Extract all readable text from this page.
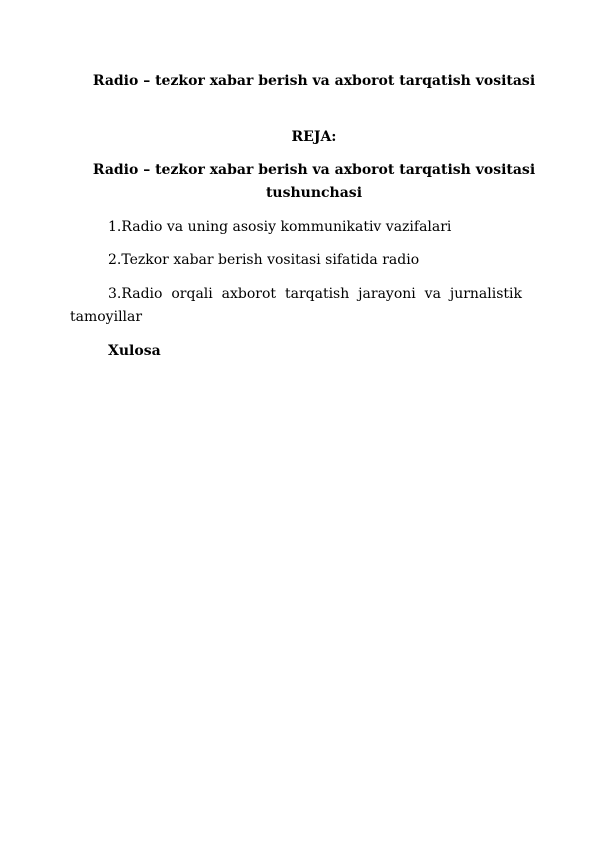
Radio – tezkor xabar berish va axborot tarqatish vositasi

REJA:

Radio – tezkor xabar berish va axborot tarqatish vositasi tushunchasi

1.Radio va uning asosiy kommunikativ vazifalari

2.Tezkor xabar berish vositasi sifatida radio

3.Radio orqali axborot tarqatish jarayoni va jurnalistik tamoyillar

Xulosa
